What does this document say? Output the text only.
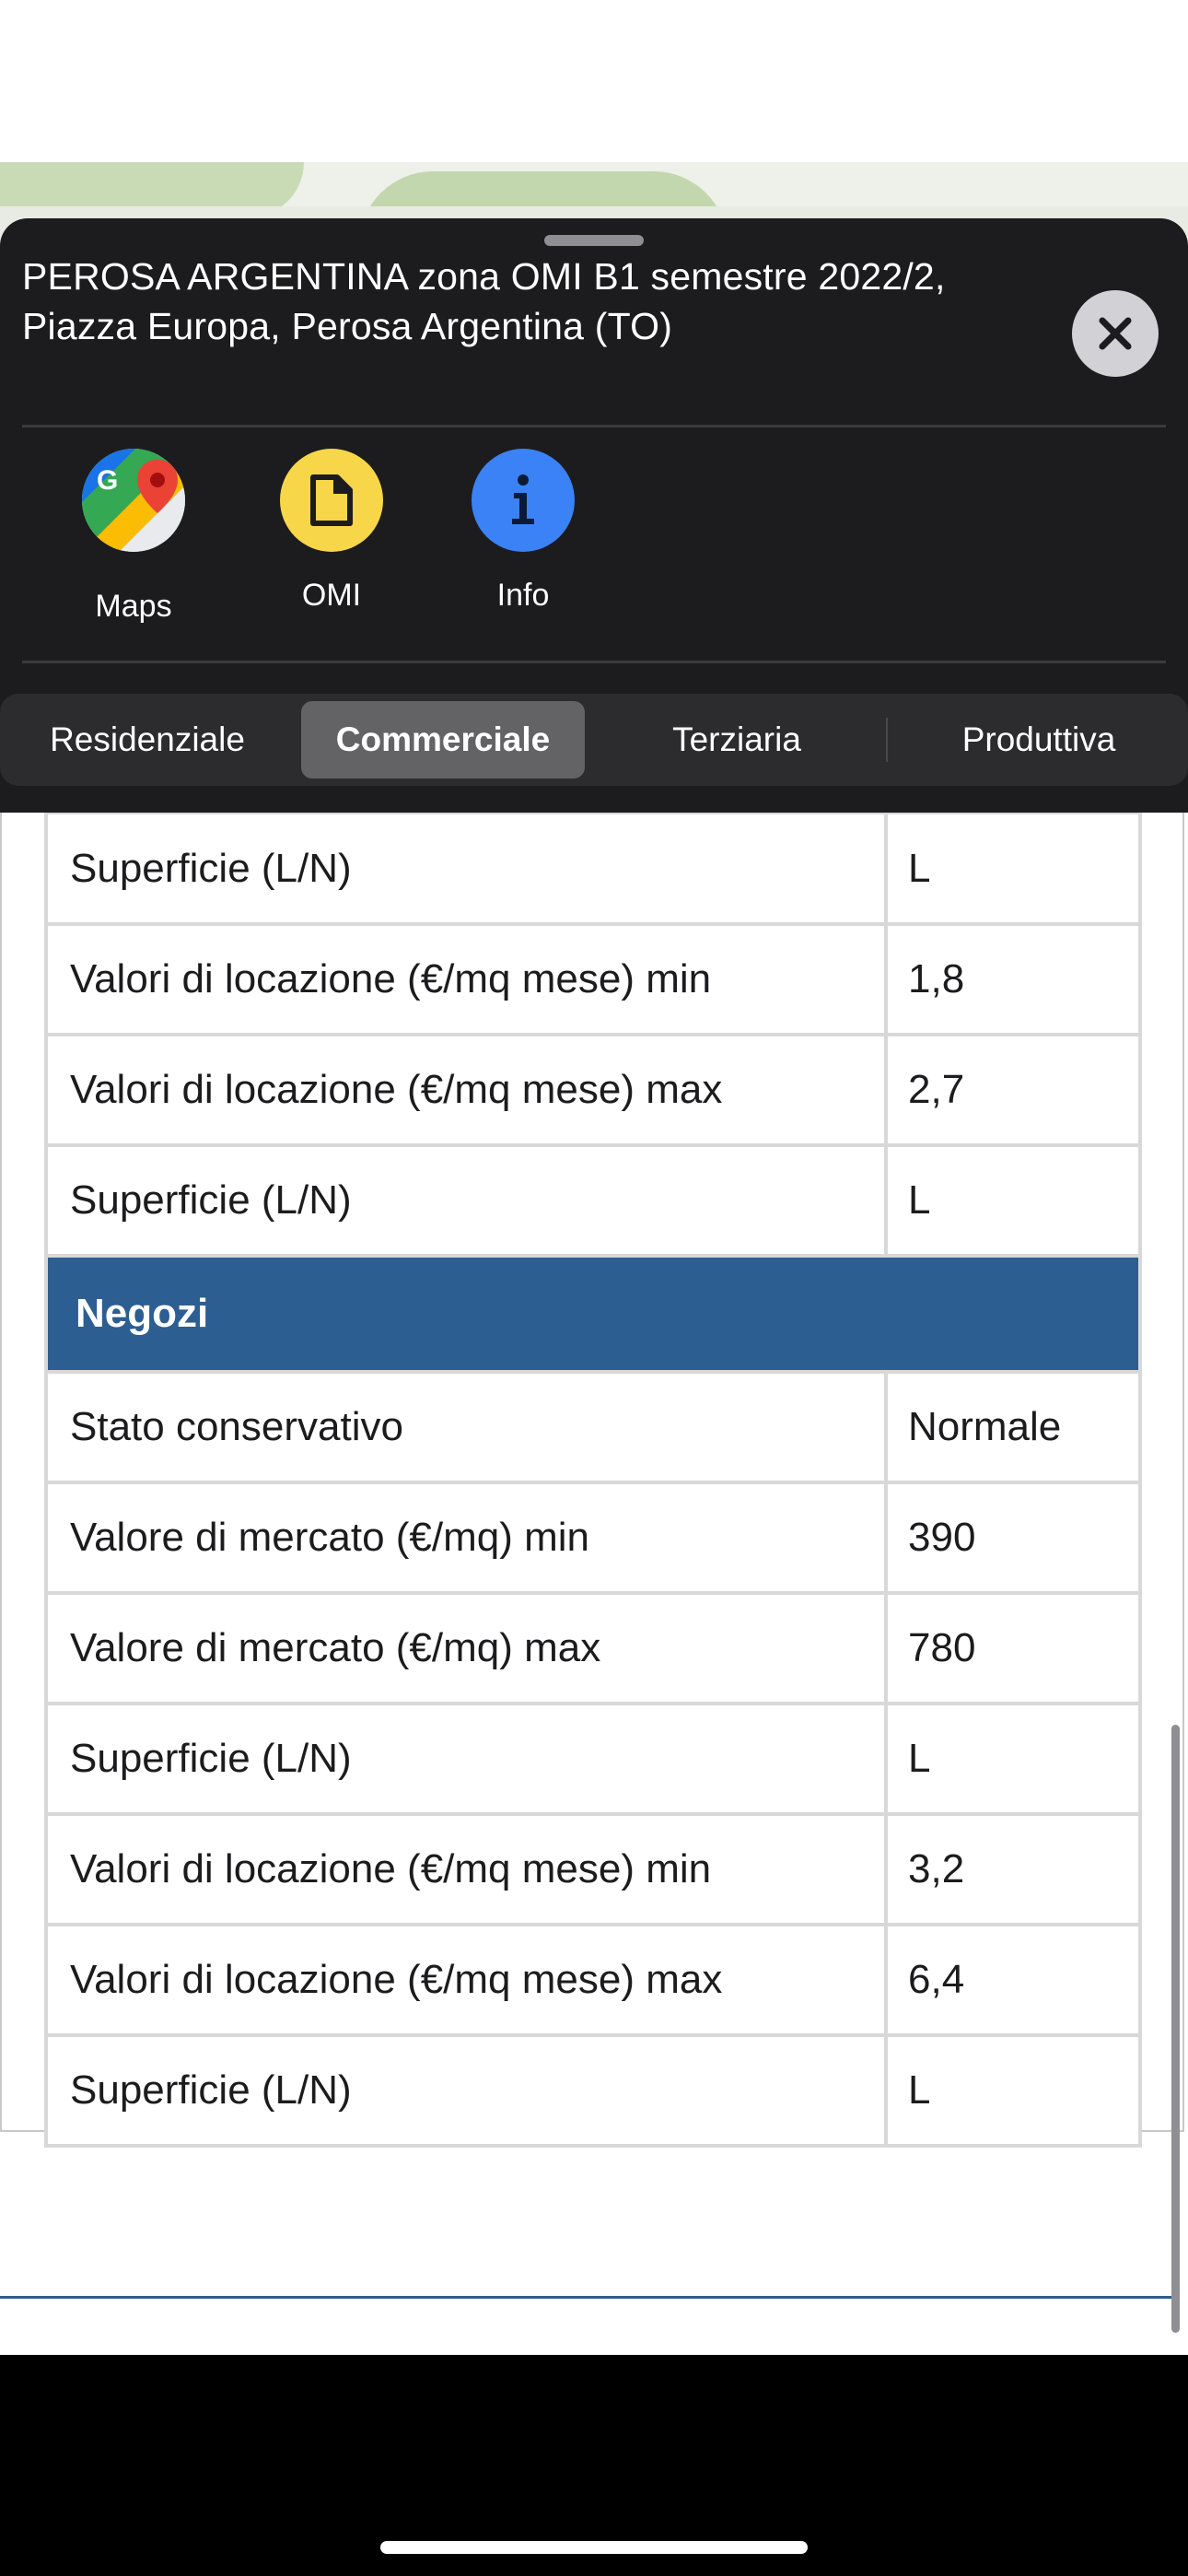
PEROSA ARGENTINA zona OMI B1 semestre 2022/2, Piazza Europa, Perosa Argentina (TO)
G
Maps	OMI	Info
Residenziale	Commerciale	Terziaria	Produttiva
Superficie (L/N)	L
Valori di locazione (€/mq mese) min	1,8
Valori di locazione (€/mq mese) max	2,7
Superficie (L/N)	L
Negozi	
Stato conservativo	Normale
Valore di mercato (€/mq) min	390
Valore di mercato (€/mq) max	780
Superficie (L/N)	L
Valori di locazione (€/mq mese) min	3,2
Valori di locazione (€/mq mese) max	6,4
Superficie (L/N)	L
